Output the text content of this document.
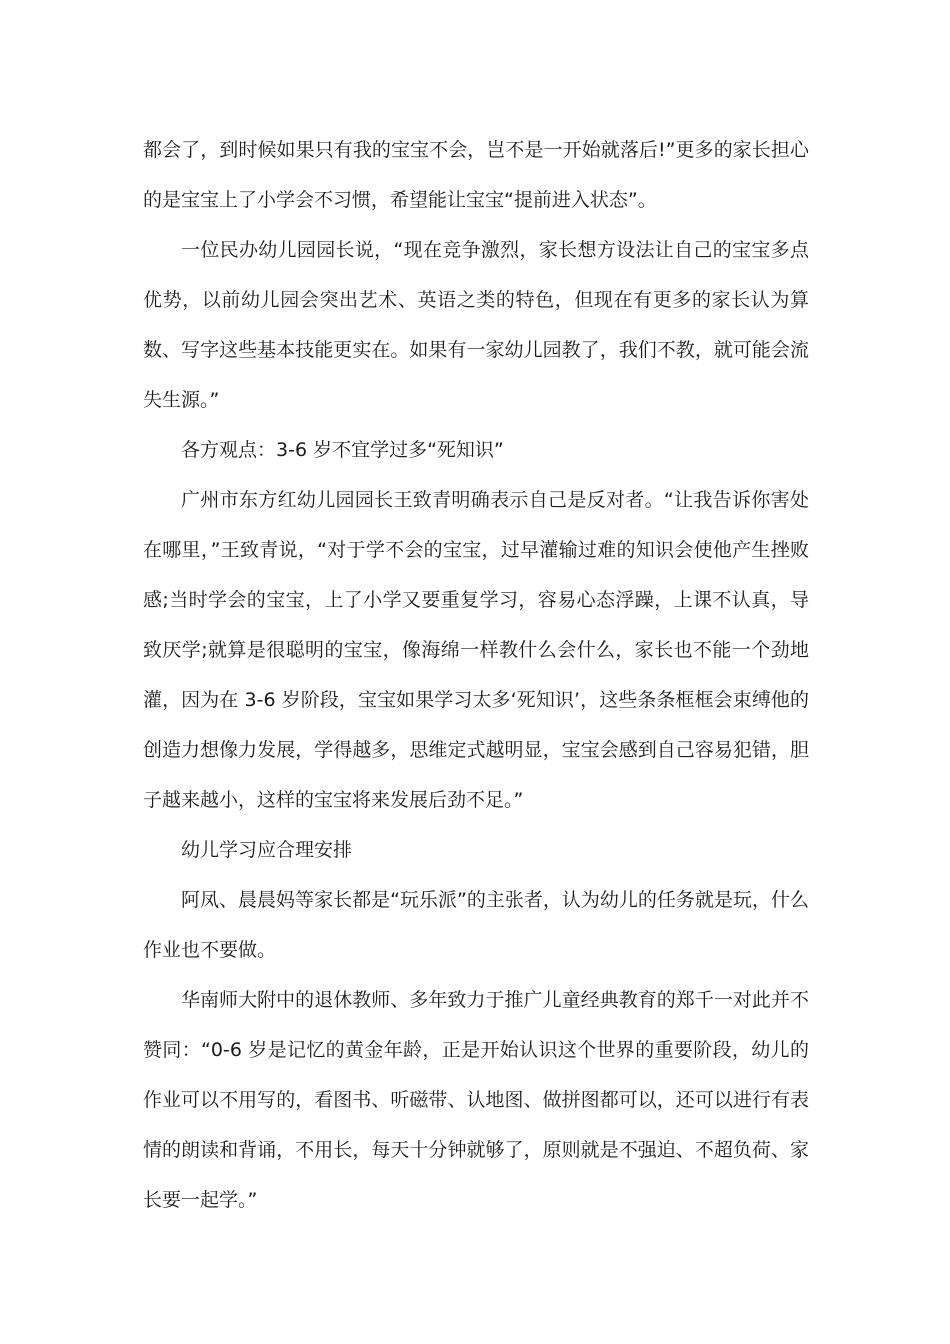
都会了，到时候如果只有我的宝宝不会，岂不是一开始就落后!”更多的家长担心的是宝宝上了小学会不习惯，希望能让宝宝“提前进入状态”。

一位民办幼儿园园长说，“现在竞争激烈，家长想方设法让自己的宝宝多点优势，以前幼儿园会突出艺术、英语之类的特色，但现在有更多的家长认为算数、写字这些基本技能更实在。如果有一家幼儿园教了，我们不教，就可能会流失生源。”

各方观点：3-6 岁不宜学过多“死知识”

广州市东方红幼儿园园长王致青明确表示自己是反对者。“让我告诉你害处在哪里，”王致青说，“对于学不会的宝宝，过早灌输过难的知识会使他产生挫败感;当时学会的宝宝，上了小学又要重复学习，容易心态浮躁，上课不认真，导致厌学;就算是很聪明的宝宝，像海绵一样教什么会什么，家长也不能一个劲地灌，因为在 3-6 岁阶段，宝宝如果学习太多‘死知识’，这些条条框框会束缚他的创造力想像力发展，学得越多，思维定式越明显，宝宝会感到自己容易犯错，胆子越来越小，这样的宝宝将来发展后劲不足。”

幼儿学习应合理安排

阿凤、晨晨妈等家长都是“玩乐派”的主张者，认为幼儿的任务就是玩，什么作业也不要做。

华南师大附中的退休教师、多年致力于推广儿童经典教育的郑千一对此并不赞同：“0-6 岁是记忆的黄金年龄，正是开始认识这个世界的重要阶段，幼儿的作业可以不用写的，看图书、听磁带、认地图、做拼图都可以，还可以进行有表情的朗读和背诵，不用长，每天十分钟就够了，原则就是不强迫、不超负荷、家长要一起学。”
